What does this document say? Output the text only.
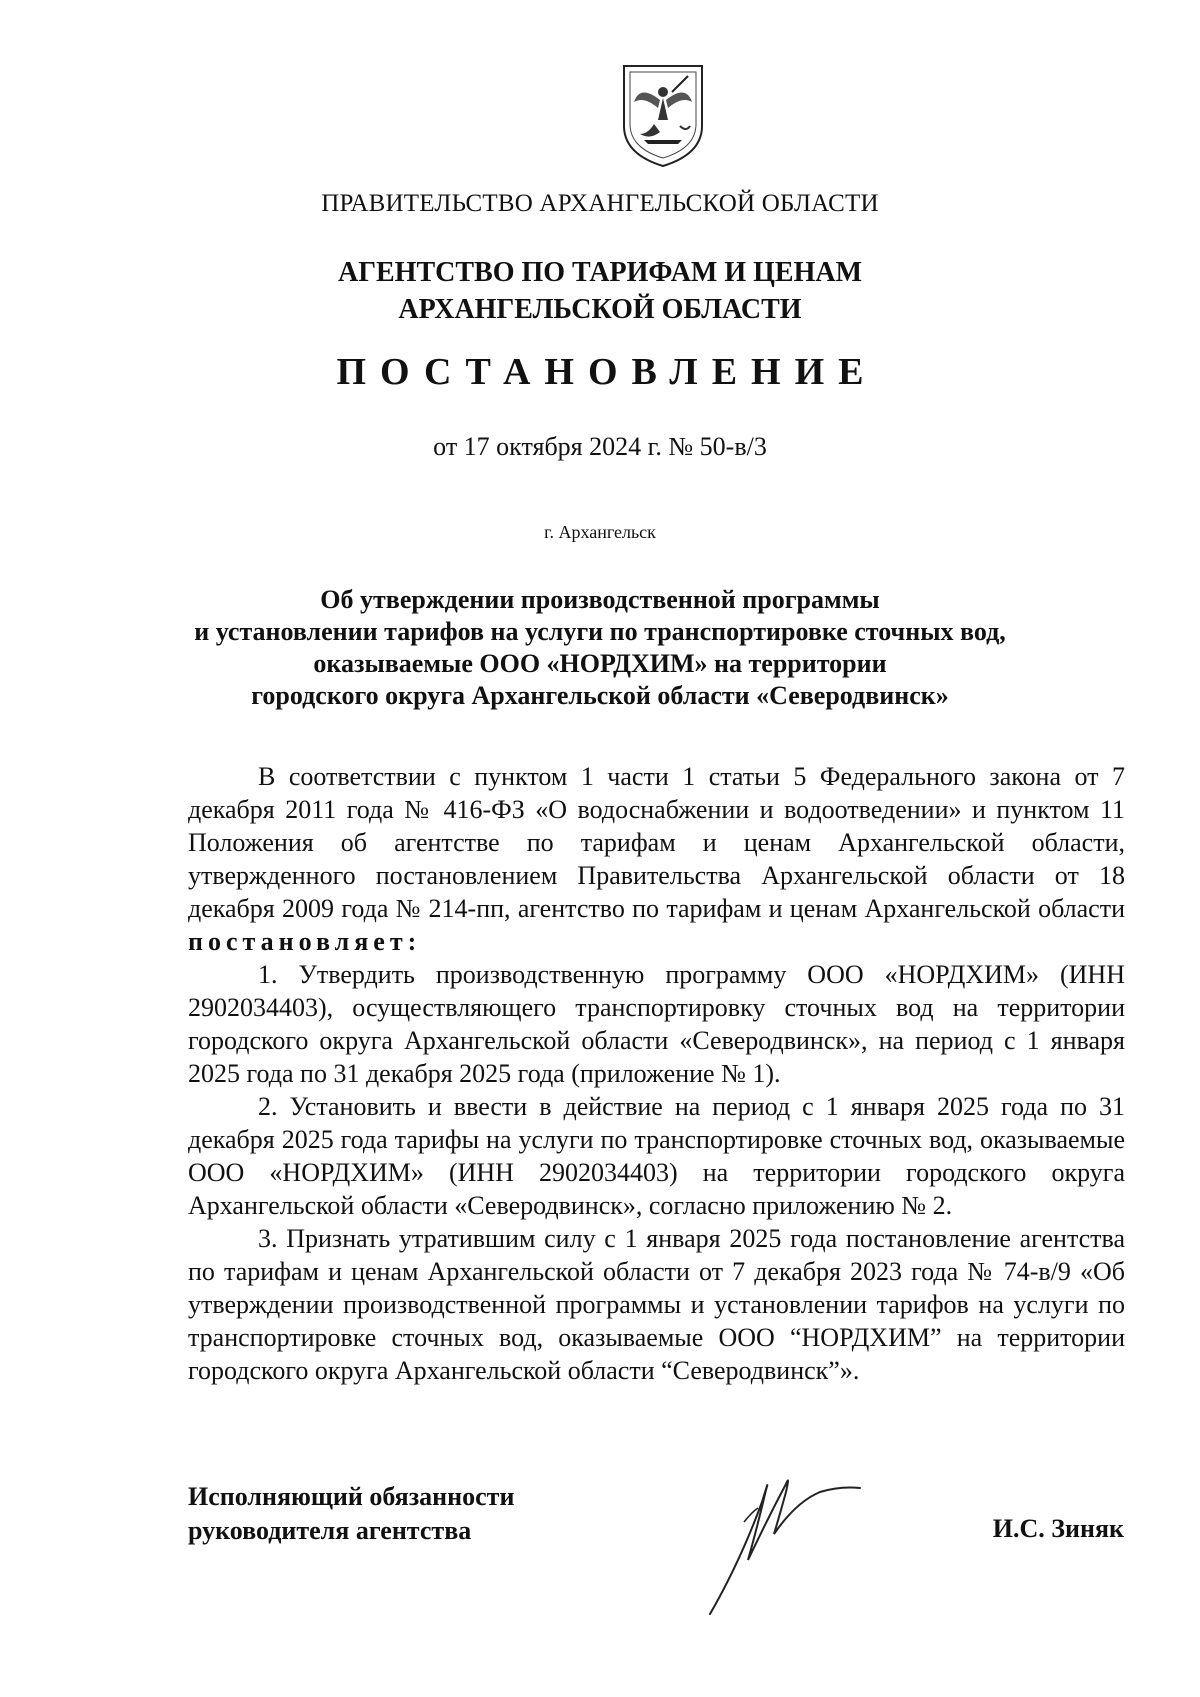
ПРАВИТЕЛЬСТВО АРХАНГЕЛЬСКОЙ ОБЛАСТИ
АГЕНТСТВО ПО ТАРИФАМ И ЦЕНАМ
АРХАНГЕЛЬСКОЙ ОБЛАСТИ
ПОСТАНОВЛЕНИЕ
от 17 октября 2024 г. № 50-в/3
г. Архангельск
Об утверждении производственной программы
и установлении тарифов на услуги по транспортировке сточных вод,
оказываемые ООО «НОРДХИМ» на территории
городского округа Архангельской области «Северодвинск»

В соответствии с пунктом 1 части 1 статьи 5 Федерального закона от 7 декабря 2011 года № 416-ФЗ «О водоснабжении и водоотведении» и пунктом 11 Положения об агентстве по тарифам и ценам Архангельской области, утвержденного постановлением Правительства Архангельской области от 18 декабря 2009 года № 214-пп, агентство по тарифам и ценам Архангельской области постановляет:

1. Утвердить производственную программу ООО «НОРДХИМ» (ИНН 2902034403), осуществляющего транспортировку сточных вод на территории городского округа Архангельской области «Северодвинск», на период с 1 января 2025 года по 31 декабря 2025 года (приложение № 1).

2. Установить и ввести в действие на период с 1 января 2025 года по 31 декабря 2025 года тарифы на услуги по транспортировке сточных вод, оказываемые ООО «НОРДХИМ» (ИНН 2902034403) на территории городского округа Архангельской области «Северодвинск», согласно приложению № 2.

3. Признать утратившим силу с 1 января 2025 года постановление агентства по тарифам и ценам Архангельской области от 7 декабря 2023 года № 74-в/9 «Об утверждении производственной программы и установлении тарифов на услуги по транспортировке сточных вод, оказываемые ООО “НОРДХИМ” на территории городского округа Архангельской области “Северодвинск”».

Исполняющий обязанности
руководителя агентства	И.С. Зиняк
